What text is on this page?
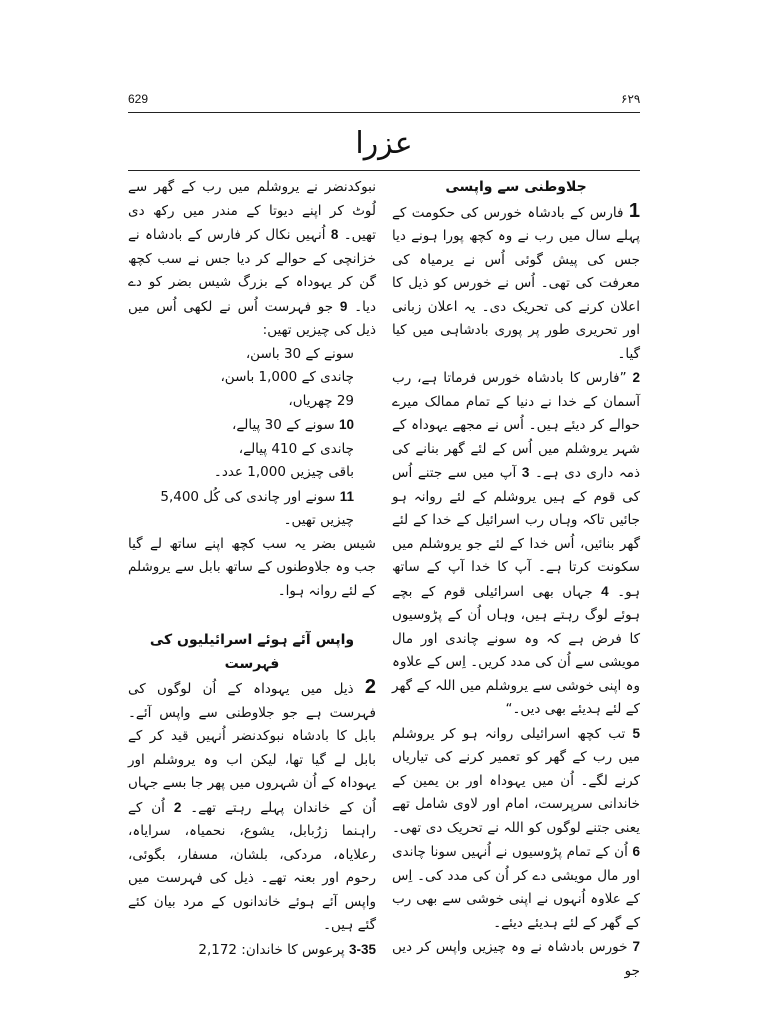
629	۶۲۹
عزرا

جلاوطنی سے واپسی

1 فارس کے بادشاہ خورس کی حکومت کے پہلے سال میں رب نے وہ کچھ پورا ہونے دیا جس کی پیش گوئی اُس نے یرمیاہ کی معرفت کی تھی۔ اُس نے خورس کو ذیل کا اعلان کرنے کی تحریک دی۔ یہ اعلان زبانی اور تحریری طور پر پوری بادشاہی میں کیا گیا۔

2 ”فارس کا بادشاہ خورس فرماتا ہے، رب آسمان کے خدا نے دنیا کے تمام ممالک میرے حوالے کر دیئے ہیں۔ اُس نے مجھے یہوداہ کے شہر یروشلم میں اُس کے لئے گھر بنانے کی ذمہ داری دی ہے۔ 3 آپ میں سے جتنے اُس کی قوم کے ہیں یروشلم کے لئے روانہ ہو جائیں تاکہ وہاں رب اسرائیل کے خدا کے لئے گھر بنائیں، اُس خدا کے لئے جو یروشلم میں سکونت کرتا ہے۔ آپ کا خدا آپ کے ساتھ ہو۔ 4 جہاں بھی اسرائیلی قوم کے بچے ہوئے لوگ رہتے ہیں، وہاں اُن کے پڑوسیوں کا فرض ہے کہ وہ سونے چاندی اور مال مویشی سے اُن کی مدد کریں۔ اِس کے علاوہ وہ اپنی خوشی سے یروشلم میں اللہ کے گھر کے لئے ہدیئے بھی دیں۔“

5 تب کچھ اسرائیلی روانہ ہو کر یروشلم میں رب کے گھر کو تعمیر کرنے کی تیاریاں کرنے لگے۔ اُن میں یہوداہ اور بن یمین کے خاندانی سرپرست، امام اور لاوی شامل تھے یعنی جتنے لوگوں کو اللہ نے تحریک دی تھی۔ 6 اُن کے تمام پڑوسیوں نے اُنہیں سونا چاندی اور مال مویشی دے کر اُن کی مدد کی۔ اِس کے علاوہ اُنہوں نے اپنی خوشی سے بھی رب کے گھر کے لئے ہدیئے دیئے۔

7 خورس بادشاہ نے وہ چیزیں واپس کر دیں جو

نبوکدنضر نے یروشلم میں رب کے گھر سے لُوٹ کر اپنے دیوتا کے مندر میں رکھ دی تھیں۔ 8 اُنہیں نکال کر فارس کے بادشاہ نے خزانچی کے حوالے کر دیا جس نے سب کچھ گن کر یہوداہ کے بزرگ شیس بضر کو دے دیا۔ 9 جو فہرست اُس نے لکھی اُس میں ذیل کی چیزیں تھیں:

سونے کے 30 باسن،

چاندی کے 1,000 باسن،

29 چھریاں،

10 سونے کے 30 پیالے،

چاندی کے 410 پیالے،

باقی چیزیں 1,000 عدد۔

11 سونے اور چاندی کی کُل 5,400 چیزیں تھیں۔

شیس بضر یہ سب کچھ اپنے ساتھ لے گیا جب وہ جلاوطنوں کے ساتھ بابل سے یروشلم کے لئے روانہ ہوا۔

واپس آئے ہوئے اسرائیلیوں کی فہرست

2 ذیل میں یہوداہ کے اُن لوگوں کی فہرست ہے جو جلاوطنی سے واپس آئے۔ بابل کا بادشاہ نبوکدنضر اُنہیں قید کر کے بابل لے گیا تھا، لیکن اب وہ یروشلم اور یہوداہ کے اُن شہروں میں پھر جا بسے جہاں اُن کے خاندان پہلے رہتے تھے۔ 2 اُن کے راہنما زرُبابل، یشوع، نحمیاہ، سرایاہ، رعلایاہ، مردکی، بلشان، مسفار، بگوئی، رحوم اور بعنہ تھے۔ ذیل کی فہرست میں واپس آئے ہوئے خاندانوں کے مرد بیان کئے گئے ہیں۔

3-35 پرعوس کا خاندان: 2,172
